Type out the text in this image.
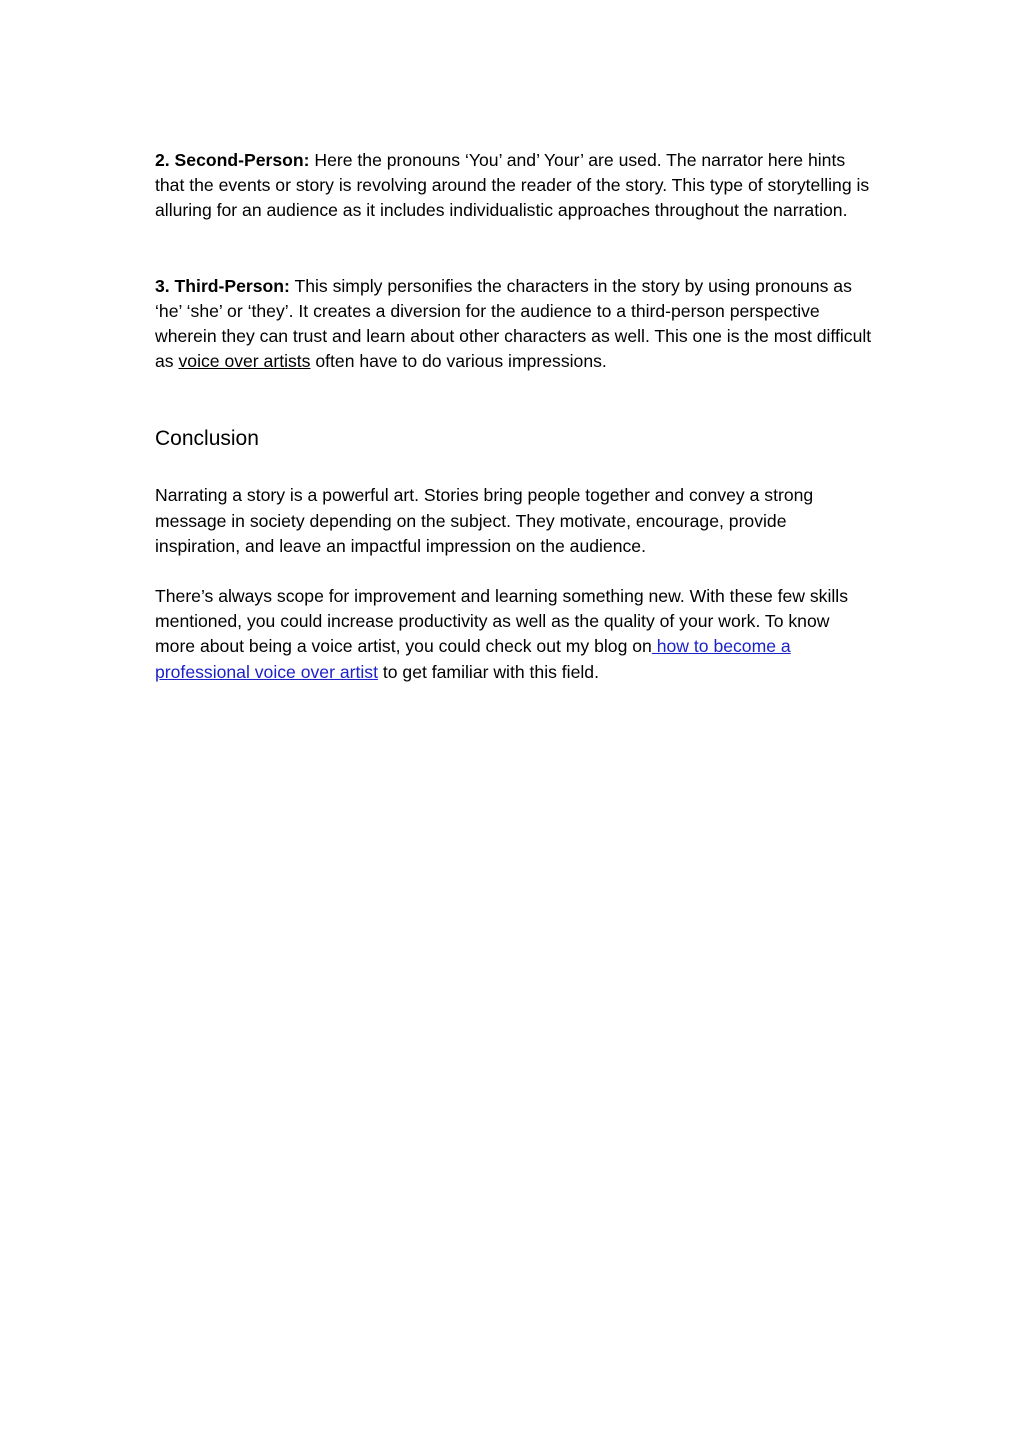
2. Second-Person: Here the pronouns ‘You’ and’ Your’ are used. The narrator here hints that the events or story is revolving around the reader of the story. This type of storytelling is alluring for an audience as it includes individualistic approaches throughout the narration.

3. Third-Person: This simply personifies the characters in the story by using pronouns as ‘he’ ‘she’ or ‘they’. It creates a diversion for the audience to a third-person perspective wherein they can trust and learn about other characters as well. This one is the most difficult as voice over artists often have to do various impressions.

Conclusion

Narrating a story is a powerful art. Stories bring people together and convey a strong message in society depending on the subject. They motivate, encourage, provide inspiration, and leave an impactful impression on the audience.

There’s always scope for improvement and learning something new. With these few skills mentioned, you could increase productivity as well as the quality of your work. To know more about being a voice artist, you could check out my blog on how to become a professional voice over artist to get familiar with this field.
